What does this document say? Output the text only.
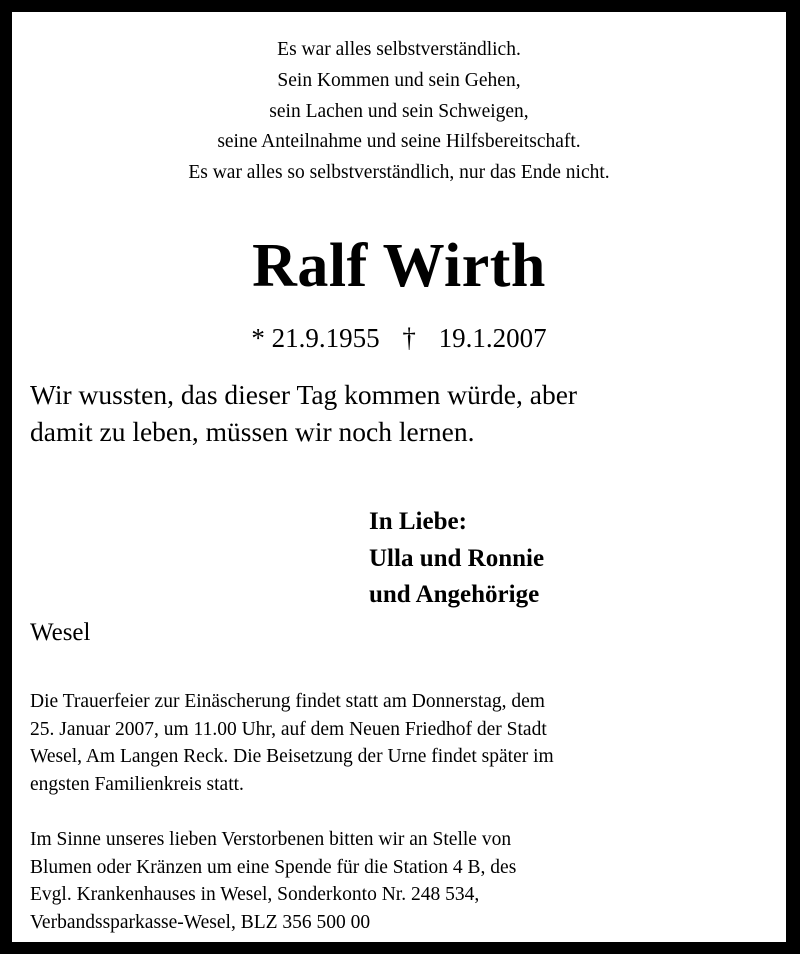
Es war alles selbstverständlich.
Sein Kommen und sein Gehen,
sein Lachen und sein Schweigen,
seine Anteilnahme und seine Hilfsbereitschaft.
Es war alles so selbstverständlich, nur das Ende nicht.
Ralf Wirth
* 21.9.1955 † 19.1.2007
Wir wussten, das dieser Tag kommen würde, aber
damit zu leben, müssen wir noch lernen.
In Liebe:
Ulla und Ronnie
und Angehörige
Wesel
Die Trauerfeier zur Einäscherung findet statt am Donnerstag, dem
25. Januar 2007, um 11.00 Uhr, auf dem Neuen Friedhof der Stadt
Wesel, Am Langen Reck. Die Beisetzung der Urne findet später im
engsten Familienkreis statt.
Im Sinne unseres lieben Verstorbenen bitten wir an Stelle von
Blumen oder Kränzen um eine Spende für die Station 4 B, des
Evgl. Krankenhauses in Wesel, Sonderkonto Nr. 248 534,
Verbandssparkasse-Wesel, BLZ 356 500 00
